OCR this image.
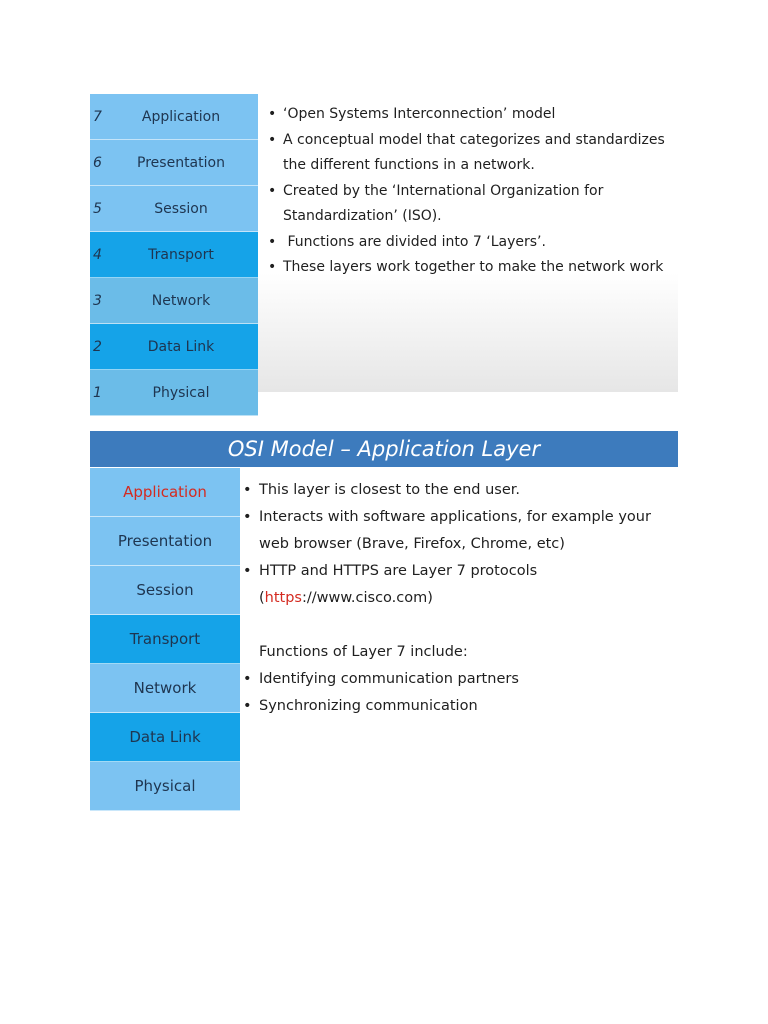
7	Application
6	Presentation
5	Session
4	Transport
3	Network
2	Data Link
1	Physical
• ‘Open Systems Interconnection’ model
• A conceptual model that categorizes and standardizes the different functions in a network.
• Created by the ‘International Organization for Standardization’ (ISO).
•  Functions are divided into 7 ‘Layers’.
• These layers work together to make the network work
OSI Model – Application Layer
Application
Presentation
Session
Transport
Network
Data Link
Physical
• This layer is closest to the end user.
• Interacts with software applications, for example your web browser (Brave, Firefox, Chrome, etc)
• HTTP and HTTPS are Layer 7 protocols
(https://www.cisco.com)
Functions of Layer 7 include:
• Identifying communication partners
• Synchronizing communication
